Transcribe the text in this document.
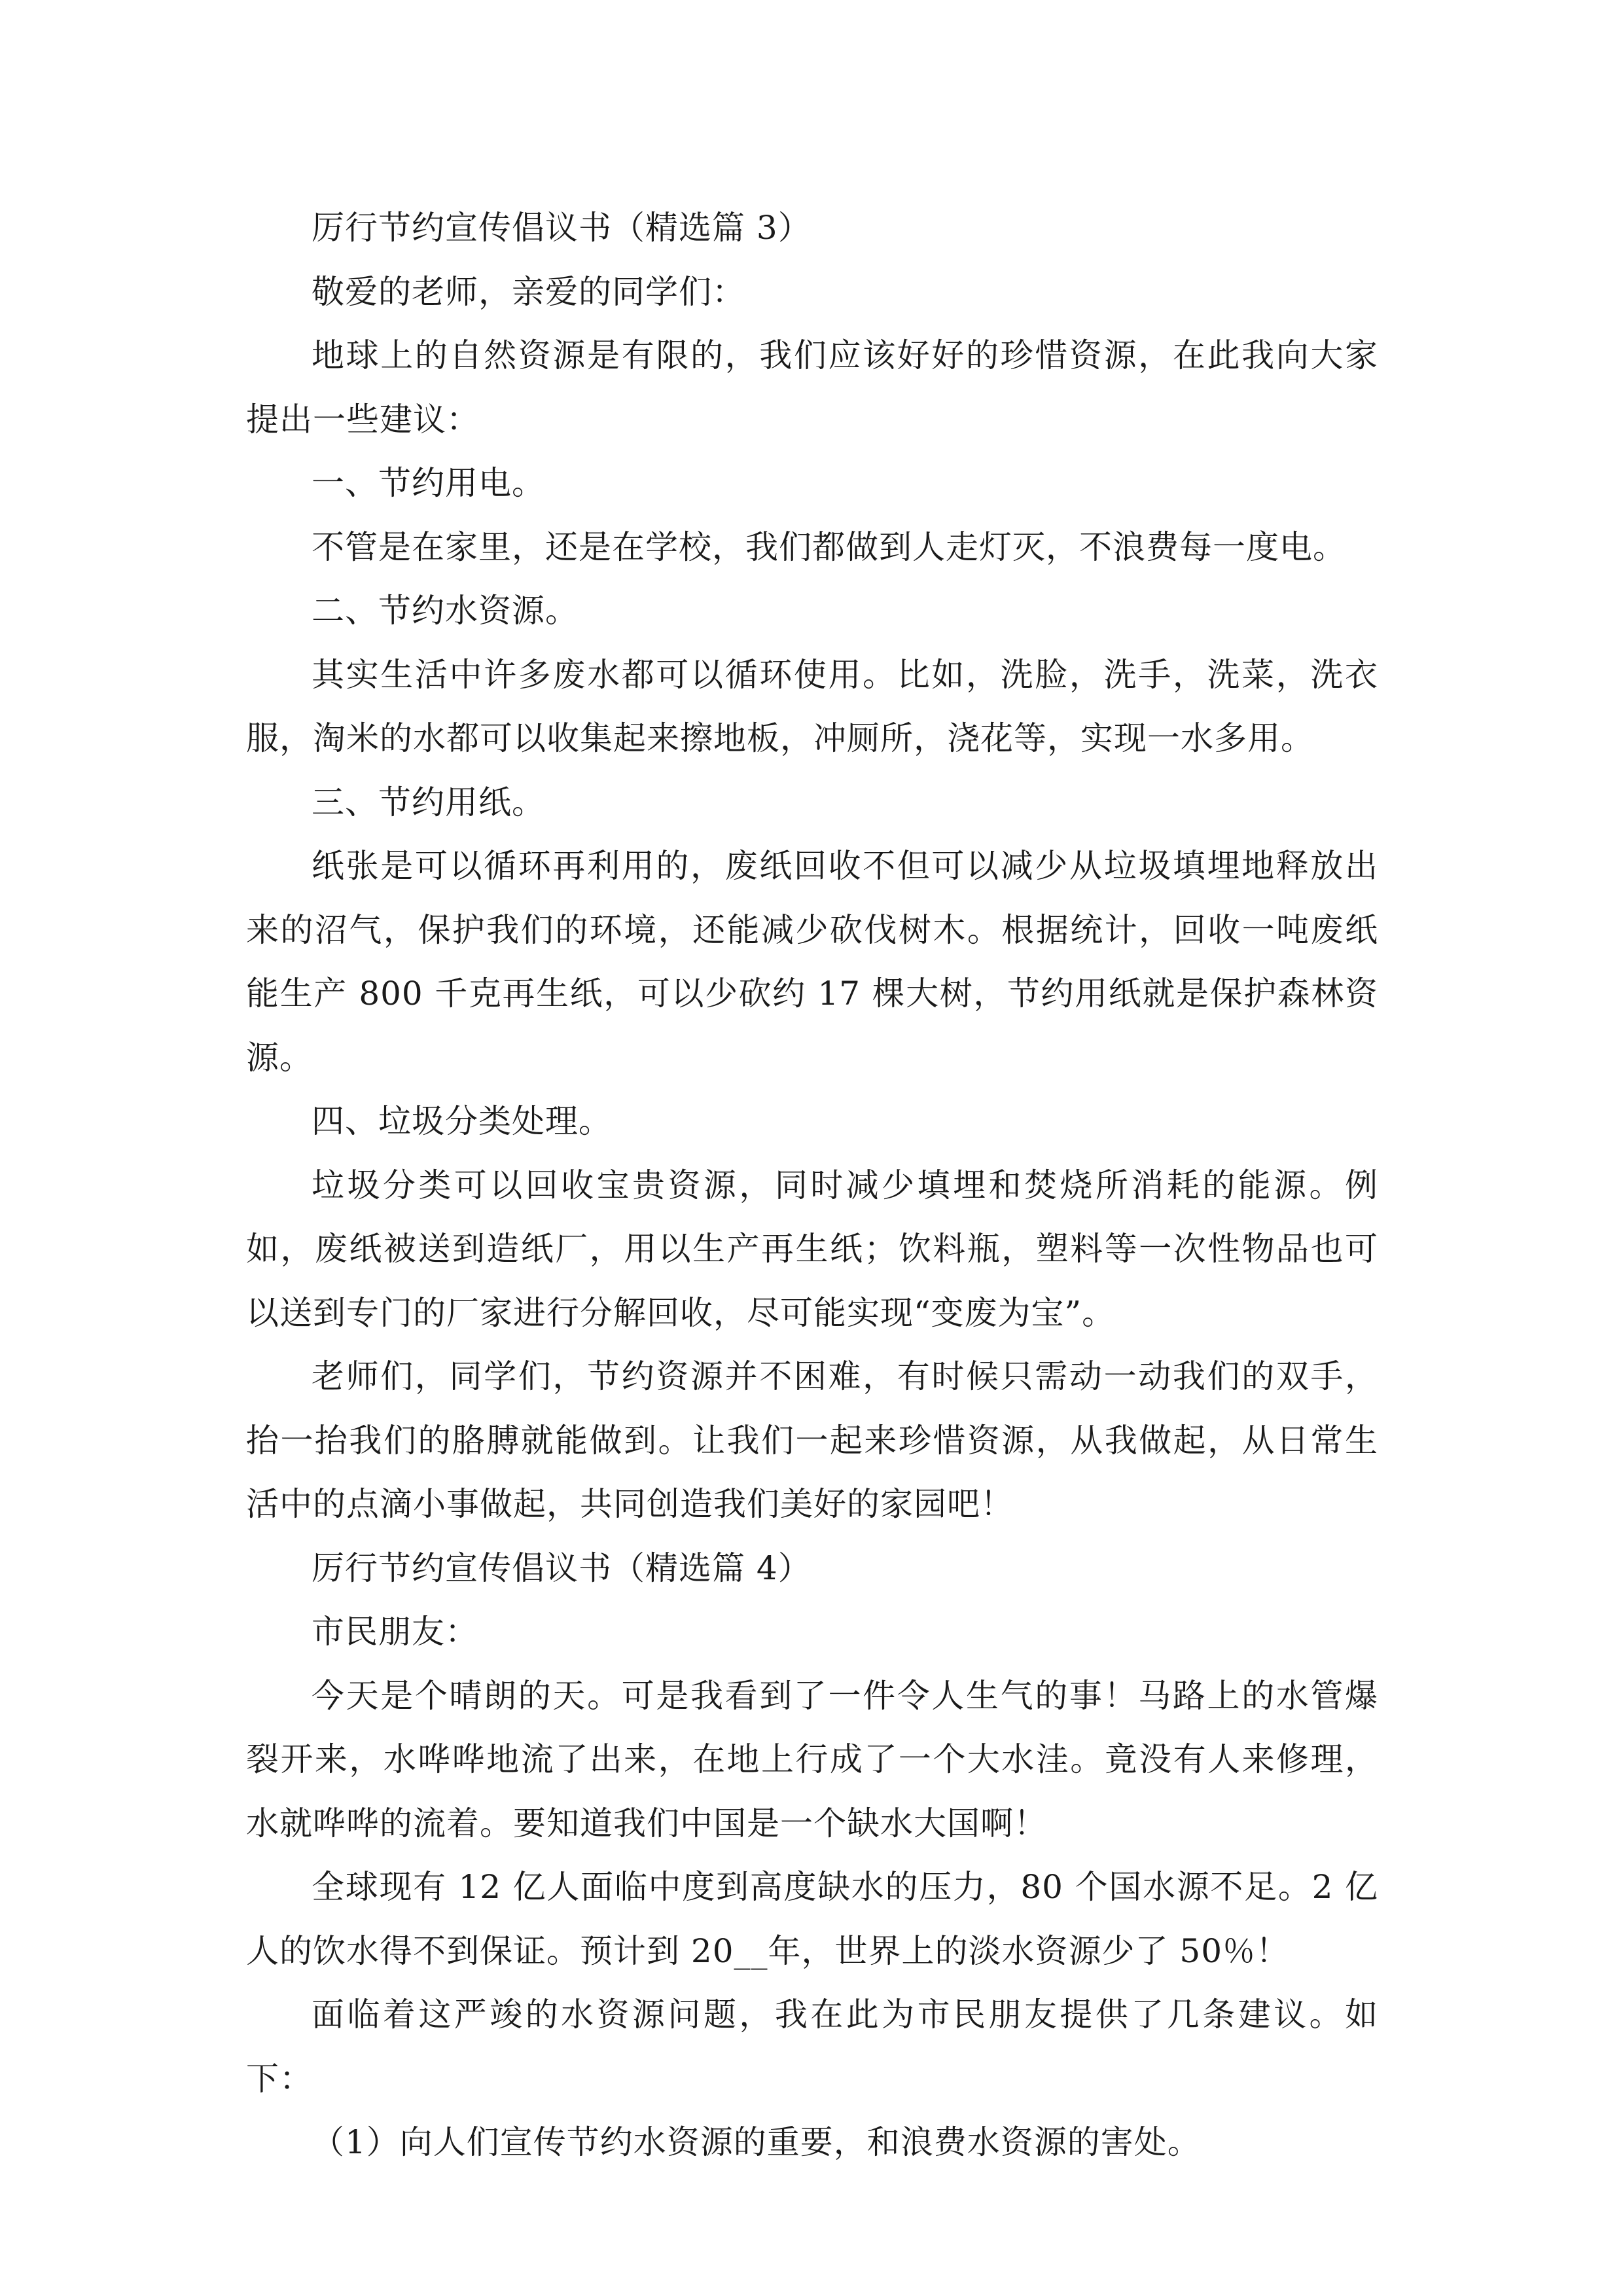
厉行节约宣传倡议书（精选篇 3）

敬爱的老师，亲爱的同学们：

地球上的自然资源是有限的，我们应该好好的珍惜资源，在此我向大家提出一些建议：

一、节约用电。

不管是在家里，还是在学校，我们都做到人走灯灭，不浪费每一度电。

二、节约水资源。

其实生活中许多废水都可以循环使用。比如，洗脸，洗手，洗菜，洗衣服，淘米的水都可以收集起来擦地板，冲厕所，浇花等，实现一水多用。

三、节约用纸。

纸张是可以循环再利用的，废纸回收不但可以减少从垃圾填埋地释放出来的沼气，保护我们的环境，还能减少砍伐树木。根据统计，回收一吨废纸能生产 800 千克再生纸，可以少砍约 17 棵大树，节约用纸就是保护森林资源。

四、垃圾分类处理。

垃圾分类可以回收宝贵资源，同时减少填埋和焚烧所消耗的能源。例如，废纸被送到造纸厂，用以生产再生纸；饮料瓶，塑料等一次性物品也可以送到专门的厂家进行分解回收，尽可能实现“变废为宝”。

老师们，同学们，节约资源并不困难，有时候只需动一动我们的双手，抬一抬我们的胳膊就能做到。让我们一起来珍惜资源，从我做起，从日常生活中的点滴小事做起，共同创造我们美好的家园吧！

厉行节约宣传倡议书（精选篇 4）

市民朋友：

今天是个晴朗的天。可是我看到了一件令人生气的事！马路上的水管爆裂开来，水哗哗地流了出来，在地上行成了一个大水洼。竟没有人来修理，水就哗哗的流着。要知道我们中国是一个缺水大国啊！

全球现有 12 亿人面临中度到高度缺水的压力，80 个国水源不足。2 亿人的饮水得不到保证。预计到 20__年，世界上的淡水资源少了 50％！

面临着这严竣的水资源问题，我在此为市民朋友提供了几条建议。如下：

（1）向人们宣传节约水资源的重要，和浪费水资源的害处。
